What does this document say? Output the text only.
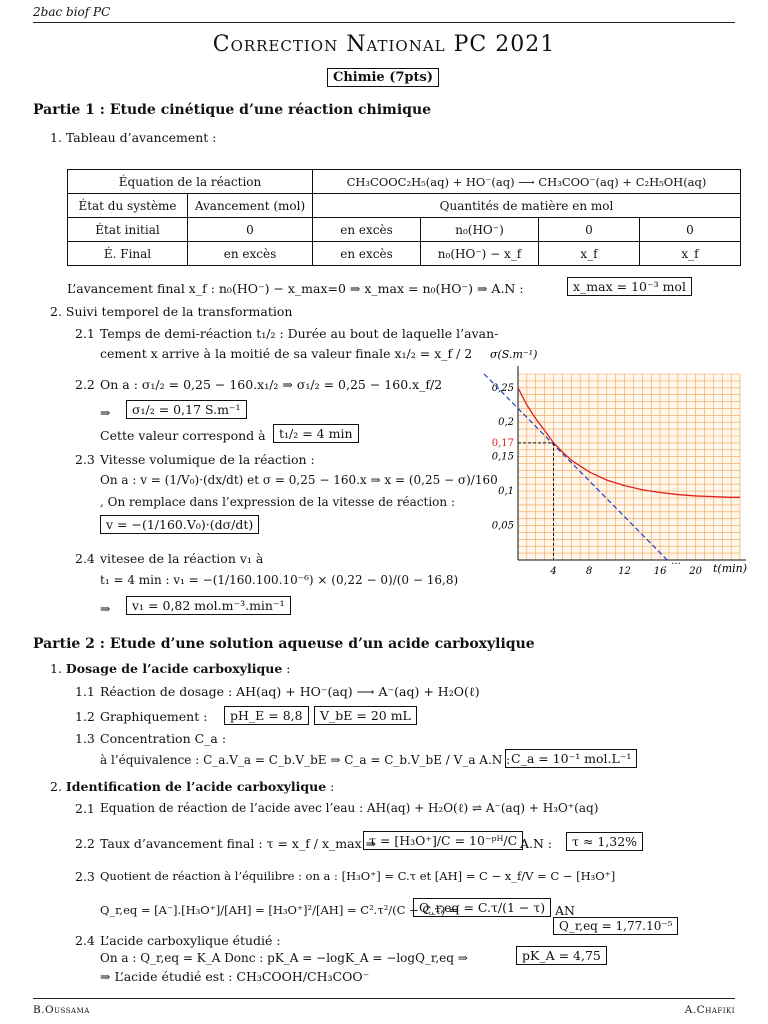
2bac biof PC
Correction National PC 2021
Chimie (7pts)
Partie 1 : Etude cinétique d’une réaction chimique
1. Tableau d’avancement :
Équation de la réaction		CH₃COOC₂H₅(aq) + HO⁻(aq) ⟶ CH₃COO⁻(aq) + C₂H₅OH(aq)			
État du système	Avancement (mol)	Quantités de matière en mol			
État initial	0	en excès	n₀(HO⁻)	0	0
É. Final	en excès	en excès	n₀(HO⁻) − x_f	x_f	x_f
L’avancement final x_f : n₀(HO⁻) − x_max=0 ⇒ x_max = n₀(HO⁻) ⇒ A.N :	x_max = 10⁻³ mol
2. Suivi temporel de la transformation
2.1 Temps de demi-réaction t₁/₂ : Durée au bout de laquelle l’avan-
cement x arrive à la moitié de sa valeur finale x₁/₂ = x_f / 2
2.2 On a : σ₁/₂ = 0,25 − 160.x₁/₂ ⇒ σ₁/₂ = 0,25 − 160.x_f/2
⇒	σ₁/₂ = 0,17 S.m⁻¹
Cette valeur correspond à	t₁/₂ = 4 min
2.3 Vitesse volumique de la réaction :
On a : v = (1/V₀)·(dx/dt) et σ = 0,25 − 160.x ⇒ x = (0,25 − σ)/160
, On remplace dans l’expression de la vitesse de réaction :
v = −(1/160.V₀)·(dσ/dt)
2.4 vitesee de la réaction v₁ à
t₁ = 4 min : v₁ = −(1/160.100.10⁻⁶) × (0,22 − 0)/(0 − 16,8)
⇒	v₁ = 0,82 mol.m⁻³.min⁻¹
σ(S.m⁻¹)
t(min)
4	8	12 16 20
0,05
0,1
0,15
0,2
0,25
0,17
...
Partie 2 : Etude d’une solution aqueuse d’un acide carboxylique
1. Dosage de l’acide carboxylique :
1.1 Réaction de dosage : AH(aq) + HO⁻(aq) ⟶ A⁻(aq) + H₂O(ℓ)
1.2 Graphiquement :	pH_E = 8,8	V_bE = 20 mL
1.3 Concentration C_a :
à l’équivalence : C_a.V_a = C_b.V_bE ⇒ C_a = C_b.V_bE / V_a A.N : C_a = 10⁻¹ mol.L⁻¹
2. Identification de l’acide carboxylique :
2.1 Equation de réaction de l’acide avec l’eau : AH(aq) + H₂O(ℓ) ⇌ A⁻(aq) + H₃O⁺(aq)
2.2 Taux d’avancement final : τ = x_f / x_max ⇒
τ = [H₃O⁺]/C = 10⁻ᵖᴴ/C A.N :	τ ≈ 1,32%
2.3 Quotient de réaction à l’équilibre : on a : [H₃O⁺] = C.τ et [AH] = C − x_f/V = C − [H₃O⁺]
Q_r,eq = [A⁻].[H₃O⁺]/[AH] = [H₃O⁺]²/[AH] = C².τ²/(C − C.τ) ⇒
Q_r,eq = C.τ/(1 − τ) AN
Q_r,eq = 1,77.10⁻⁵
2.4 L’acide carboxylique étudié :
On a : Q_r,eq = K_A Donc : pK_A = −logK_A = −logQ_r,eq ⇒	pK_A = 4,75
⇒ L’acide étudié est : CH₃COOH/CH₃COO⁻
B.Oussama	A.Chafiki
